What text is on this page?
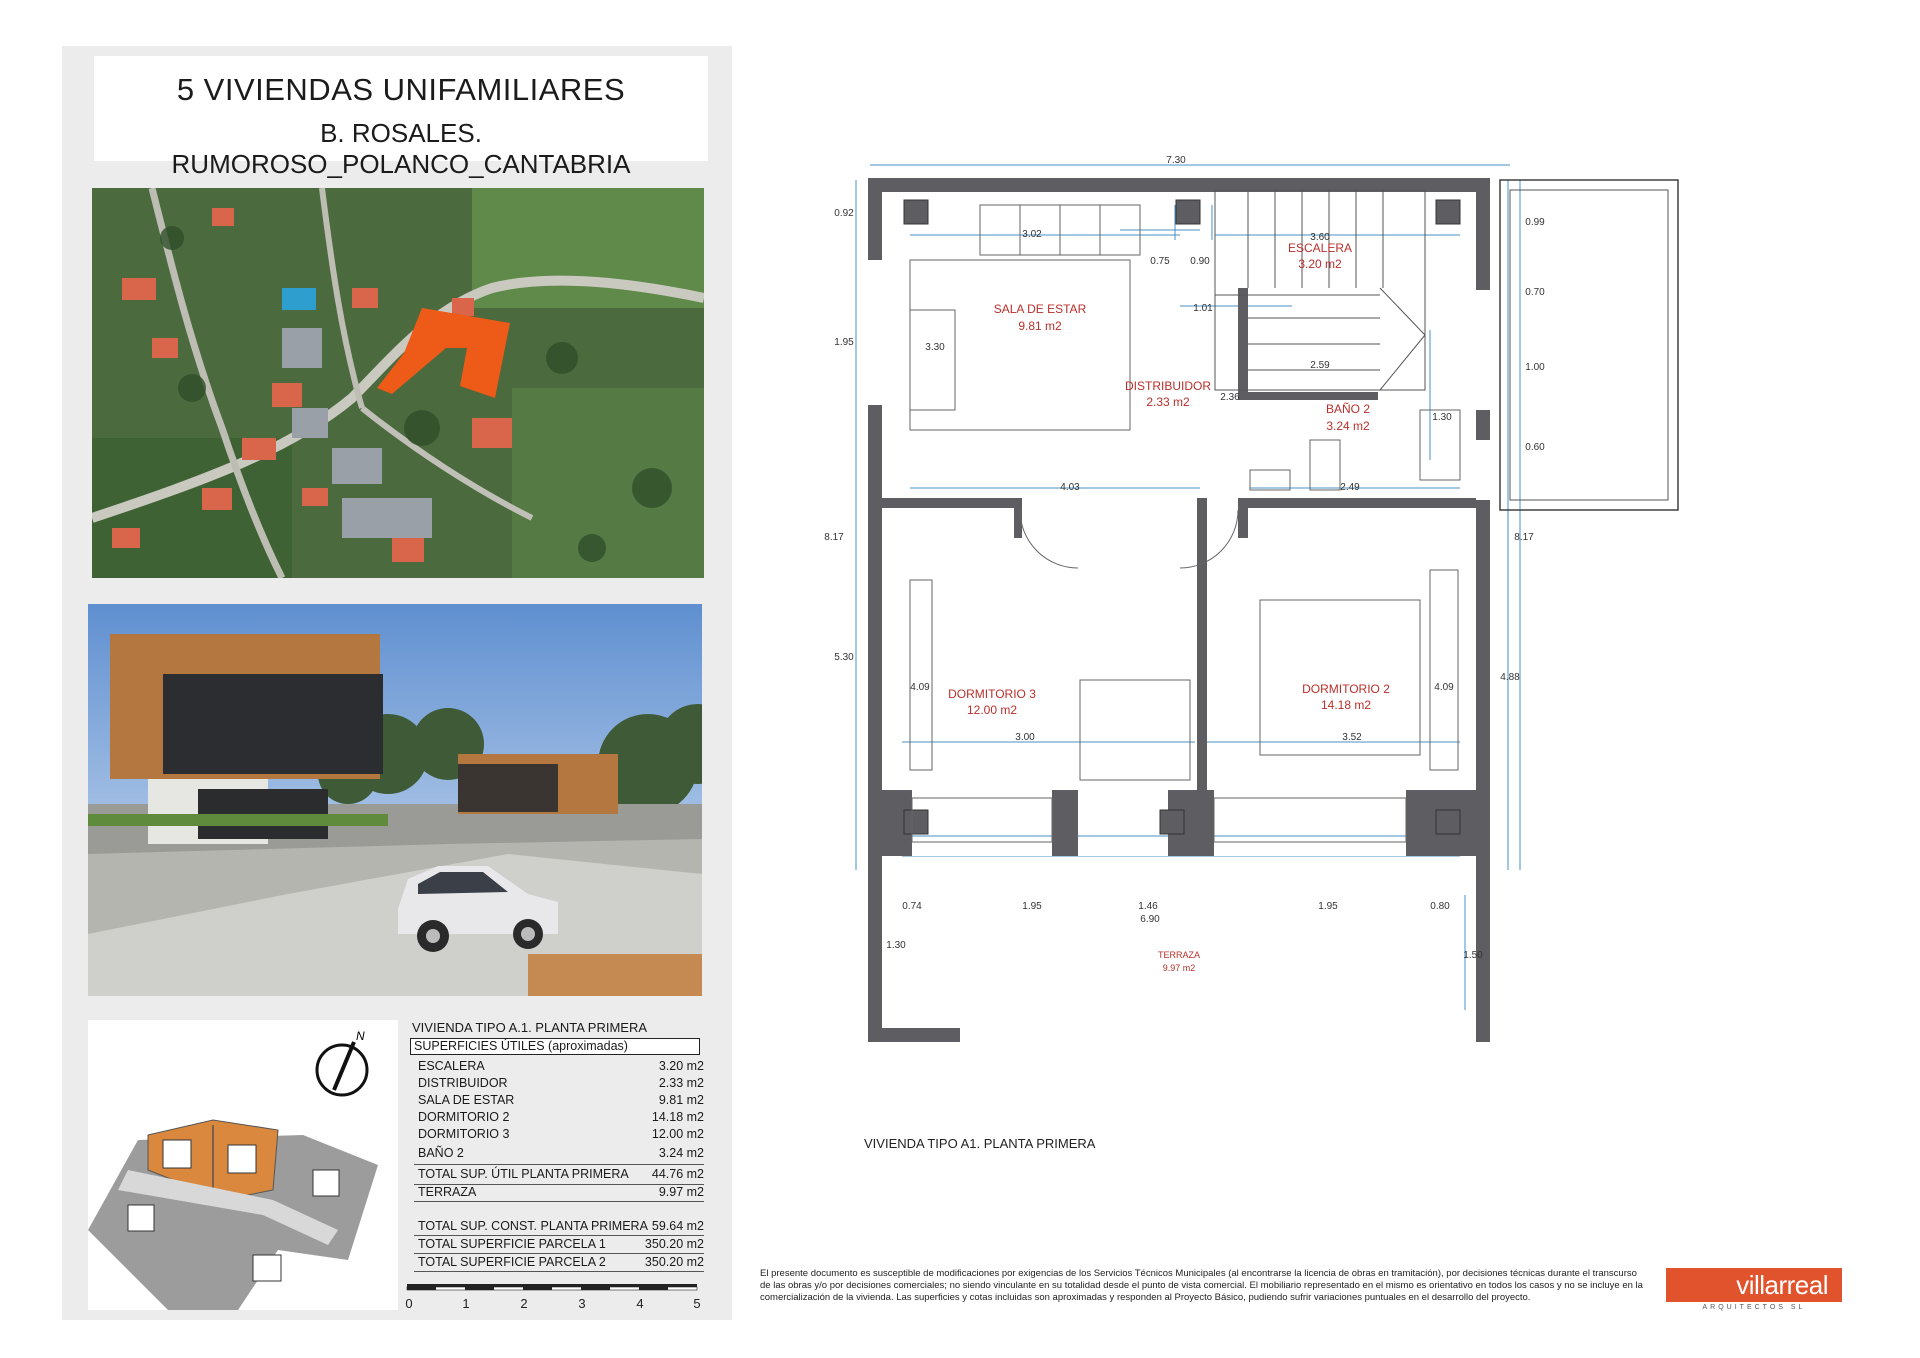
5 VIVIENDAS UNIFAMILIARES
B. ROSALES. RUMOROSO_POLANCO_CANTABRIA
N
VIVIENDA TIPO A.1. PLANTA PRIMERA
SUPERFICIES ÚTILES (aproximadas)
ESCALERA	3.20 m2
DISTRIBUIDOR	2.33 m2
SALA DE ESTAR	9.81 m2
DORMITORIO 2	14.18 m2
DORMITORIO 3	12.00 m2
BAÑO 2	3.24 m2
TOTAL SUP. ÚTIL PLANTA PRIMERA 44.76 m2
TERRAZA	9.97 m2
TOTAL SUP. CONST. PLANTA PRIMERA 59.64 m2
TOTAL SUPERFICIE PARCELA 1	350.20 m2
TOTAL SUPERFICIE PARCELA 2	350.20 m2
0	1	2	3	4	5
SALA DE ESTAR
9.81 m2
ESCALERA
3.20 m2
DISTRIBUIDOR
2.33 m2	BAÑO 2
3.24 m2
DORMITORIO 3
12.00 m2
DORMITORIO 2
14.18 m2
TERRAZA
9.97 m2
7.30
3.02	3.60
0.75 0.90
1.01
3.30
2.59
2.36
1.30
4.03	2.49
0.92
1.95
8.17
5.30
0.99
0.70
1.00
0.60
8.17
4.88
4.09	4.09
3.00	3.52
0.74	1.95	1.46	1.95	0.80
6.90
1.30
1.50
VIVIENDA TIPO A1. PLANTA PRIMERA
El presente documento es susceptible de modificaciones por exigencias de los Servicios Técnicos Municipales (al encontrarse la licencia de obras en tramitación), por decisiones técnicas durante el transcurso de las obras y/o por decisiones comerciales; no siendo vinculante en su totalidad desde el punto de vista comercial. El mobiliario representado en el mismo es orientativo en todos los casos y no se incluye en la comercialización de la vivienda. Las superficies y cotas incluidas son aproximadas y responden al Proyecto Básico, pudiendo sufrir variaciones puntuales en el desarrollo del proyecto.	villarreal
ARQUITECTOS SL
